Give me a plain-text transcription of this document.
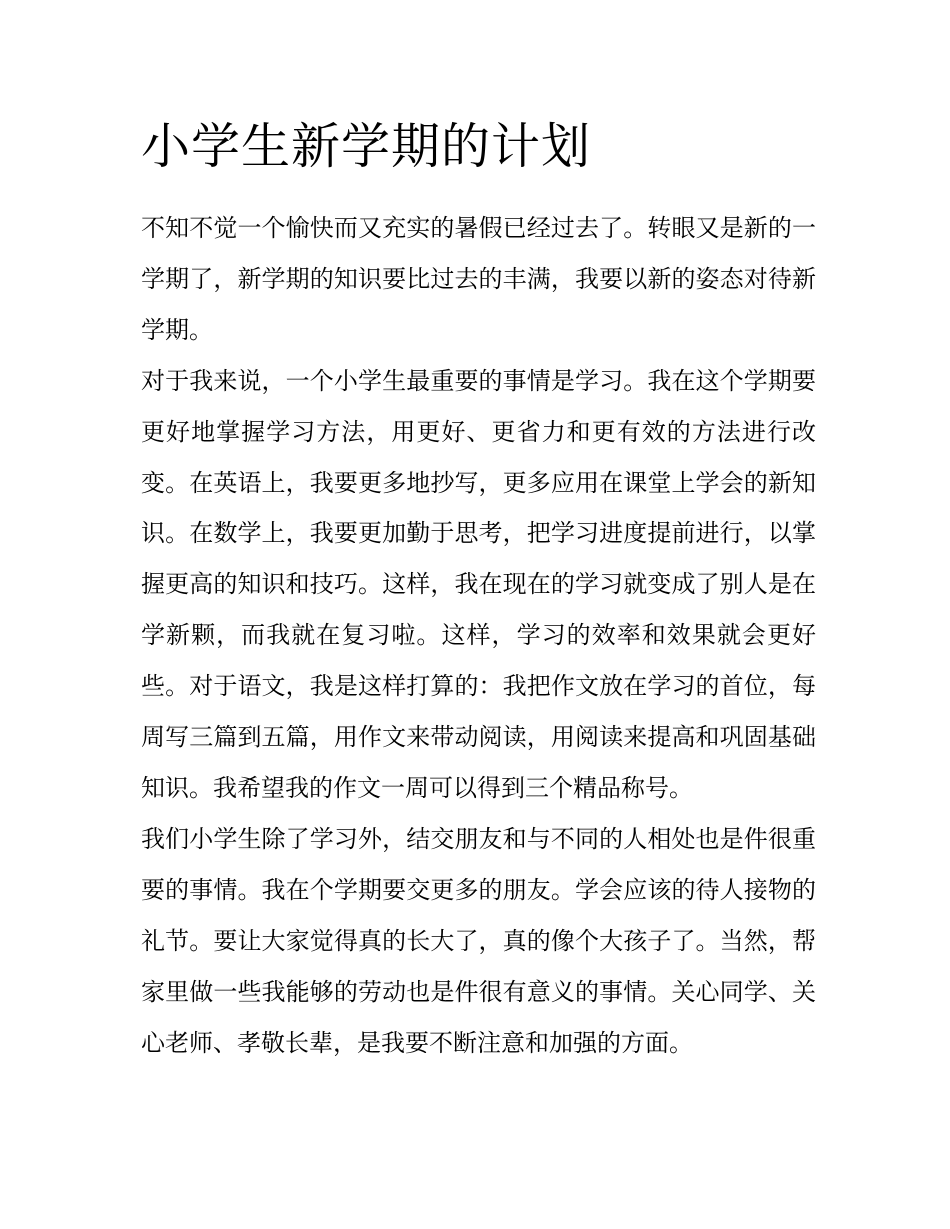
小学生新学期的计划

不知不觉一个愉快而又充实的暑假已经过去了。转眼又是新的一学期了，新学期的知识要比过去的丰满，我要以新的姿态对待新学期。

对于我来说，一个小学生最重要的事情是学习。我在这个学期要更好地掌握学习方法，用更好、更省力和更有效的方法进行改变。在英语上，我要更多地抄写，更多应用在课堂上学会的新知识。在数学上，我要更加勤于思考，把学习进度提前进行，以掌握更高的知识和技巧。这样，我在现在的学习就变成了别人是在学新颗，而我就在复习啦。这样，学习的效率和效果就会更好些。对于语文，我是这样打算的：我把作文放在学习的首位，每周写三篇到五篇，用作文来带动阅读，用阅读来提高和巩固基础知识。我希望我的作文一周可以得到三个精品称号。

我们小学生除了学习外，结交朋友和与不同的人相处也是件很重要的事情。我在个学期要交更多的朋友。学会应该的待人接物的礼节。要让大家觉得真的长大了，真的像个大孩子了。当然，帮家里做一些我能够的劳动也是件很有意义的事情。关心同学、关心老师、孝敬长辈，是我要不断注意和加强的方面。
